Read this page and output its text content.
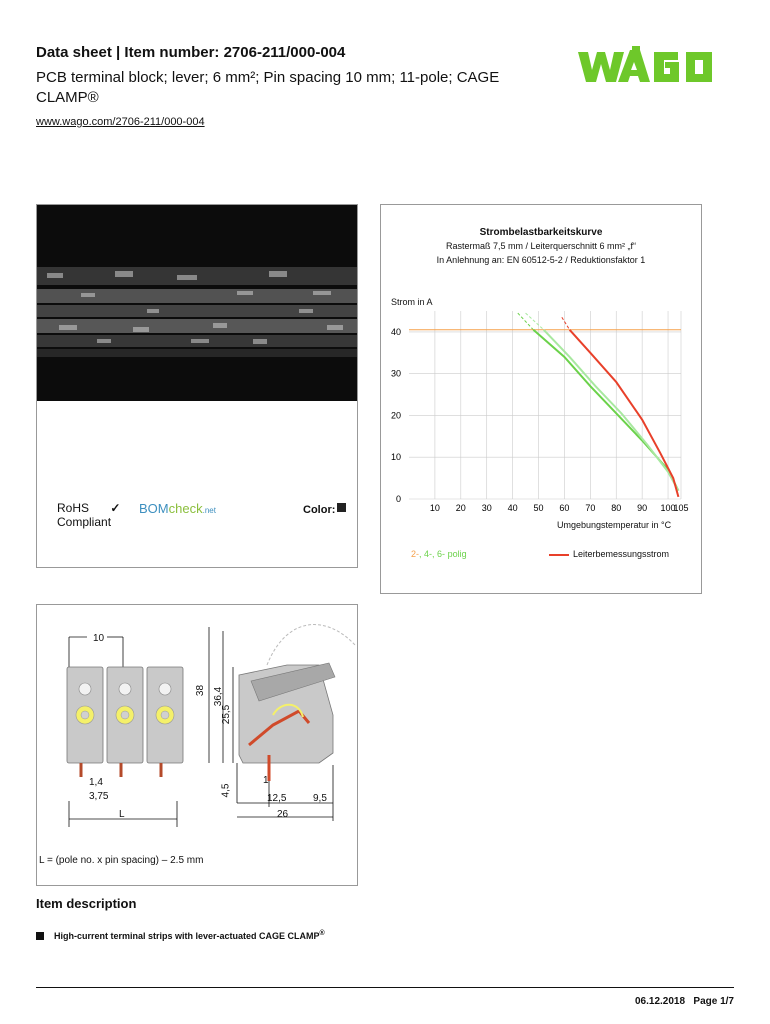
Data sheet | Item number: 2706-211/000-004
PCB terminal block; lever; 6 mm²; Pin spacing 10 mm; 11-pole; CAGE CLAMP®
www.wago.com/2706-211/000-004
RoHS ✓
Compliant
BOMcheck.net	Color:
Strombelastbarkeitskurve
Rastermaß 7,5 mm / Leiterquerschnitt 6 mm² „f“
In Anlehnung an: EN 60512-5-2 / Reduktionsfaktor 1
Strom in A
10 20 30 40 50 60 70 80 90 100
105
0
10
20
30
40
Umgebungstemperatur in °C
2-, 4-, 6- polig	Leiterbemessungsstrom
10
1,4
3,75
L
38 36,4
25,5
4,5
1
12,5	9,5
26
L = (pole no. x pin spacing) – 2.5 mm
Item description
High-current terminal strips with lever-actuated CAGE CLAMP®
06.12.2018 Page 1/7
